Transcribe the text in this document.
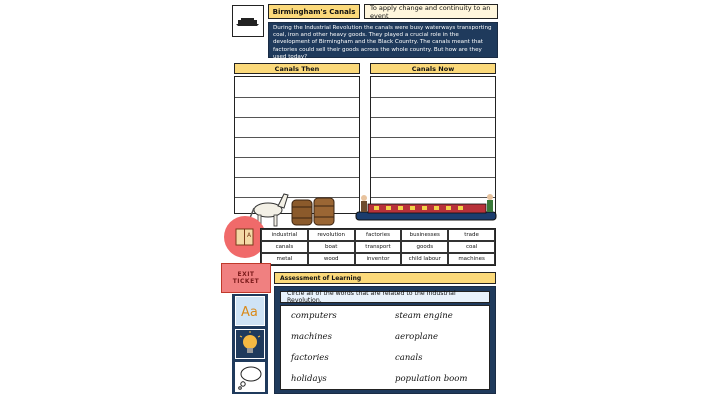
Birmingham's Canals	To apply change and continuity to an event
During the Industrial Revolution the canals were busy waterways transporting coal, iron and other heavy goods. They played a crucial role in the development of Birmingham and the Black Country. The canals meant that factories could sell their goods across the whole country. But how are they used today?
Canals Then	Canals Now
A	industrial	revolution	factories	businesses	trade
canals	boat	transport	goods	coal
metal	wood	inventor	child labour	machines
EXIT
TICKET	Assessment of Learning
Aa
Circle all of the words that are related to the Industrial Revolution.
computers
machines
factories
holidays
steam engine
aeroplane
canals
population boom
